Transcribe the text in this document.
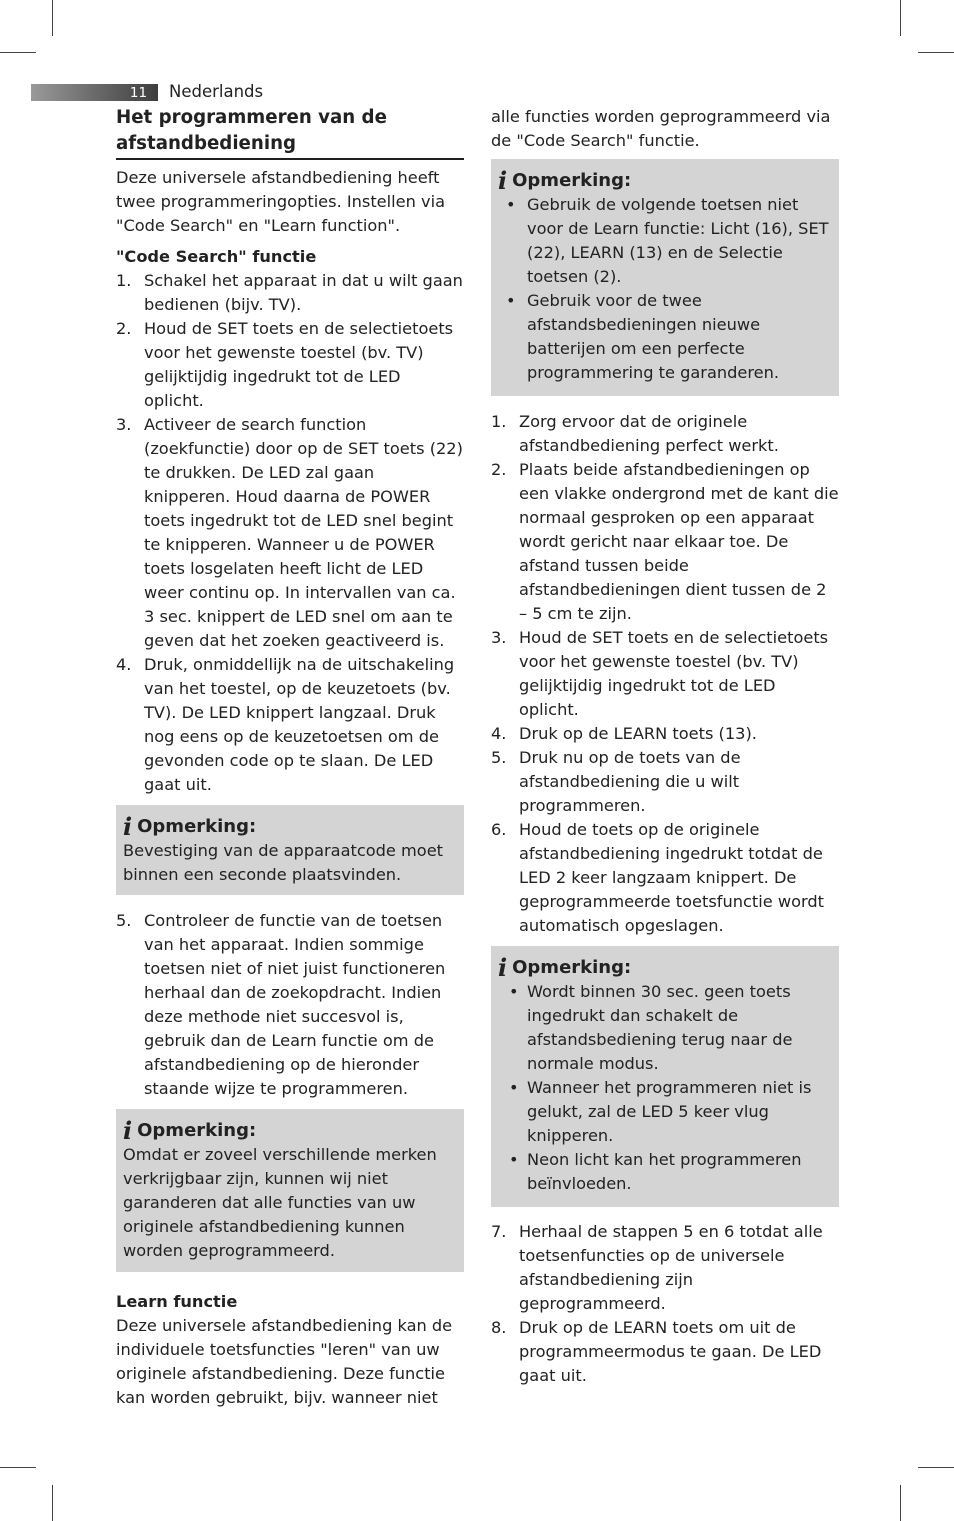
11	Nederlands
Het programmeren van de afstandbediening

Deze universele afstandbediening heeft twee programmeringopties. Instellen via "Code Search" en "Learn function".

"Code Search" functie

1. Schakel het apparaat in dat u wilt gaan bedienen (bijv. TV).
2. Houd de SET toets en de selectietoets voor het gewenste toestel (bv. TV) gelijktijdig ingedrukt tot de LED oplicht.
3. Activeer de search function (zoekfunctie) door op de SET toets (22) te drukken. De LED zal gaan knipperen. Houd daarna de POWER toets ingedrukt tot de LED snel begint te knipperen. Wanneer u de POWER toets losgelaten heeft licht de LED weer continu op. In intervallen van ca. 3 sec. knippert de LED snel om aan te geven dat het zoeken geactiveerd is.
4. Druk, onmiddellijk na de uitschakeling van het toestel, op de keuzetoets (bv. TV). De LED knippert langzaal. Druk nog eens op de keuzetoetsen om de gevonden code op te slaan. De LED gaat uit.
i Opmerking:

Bevestiging van de apparaatcode moet binnen een seconde plaatsvinden.

5. Controleer de functie van de toetsen van het apparaat. Indien sommige toetsen niet of niet juist functioneren herhaal dan de zoekopdracht. Indien deze methode niet succesvol is, gebruik dan de Learn functie om de afstandbediening op de hieronder staande wijze te programmeren.
i Opmerking:

Omdat er zoveel verschillende merken verkrijgbaar zijn, kunnen wij niet garanderen dat alle functies van uw originele afstandbediening kunnen worden geprogrammeerd.

Learn functie

Deze universele afstandbediening kan de individuele toetsfuncties "leren" van uw originele afstandbediening. Deze functie kan worden gebruikt, bijv. wanneer niet

alle functies worden geprogrammeerd via de "Code Search" functie.

i Opmerking:
• Gebruik de volgende toetsen niet voor de Learn functie: Licht (16), SET (22), LEARN (13) en de Selectie toetsen (2).
• Gebruik voor de twee afstandsbedieningen nieuwe batterijen om een perfecte programmering te garanderen.
1. Zorg ervoor dat de originele afstandbediening perfect werkt.
2. Plaats beide afstandbedieningen op een vlakke ondergrond met de kant die normaal gesproken op een apparaat wordt gericht naar elkaar toe. De afstand tussen beide afstandbedieningen dient tussen de 2 – 5 cm te zijn.
3. Houd de SET toets en de selectietoets voor het gewenste toestel (bv. TV) gelijktijdig ingedrukt tot de LED oplicht.
4. Druk op de LEARN toets (13).
5. Druk nu op de toets van de afstandbediening die u wilt programmeren.
6. Houd de toets op de originele afstandbediening ingedrukt totdat de LED 2 keer langzaam knippert. De geprogrammeerde toetsfunctie wordt automatisch opgeslagen.
i Opmerking:
• Wordt binnen 30 sec. geen toets ingedrukt dan schakelt de afstandsbediening terug naar de normale modus.
• Wanneer het programmeren niet is gelukt, zal de LED 5 keer vlug knipperen.
• Neon licht kan het programmeren beïnvloeden.
7. Herhaal de stappen 5 en 6 totdat alle toetsenfuncties op de universele afstandbediening zijn geprogrammeerd.
8. Druk op de LEARN toets om uit de programmeermodus te gaan. De LED gaat uit.
